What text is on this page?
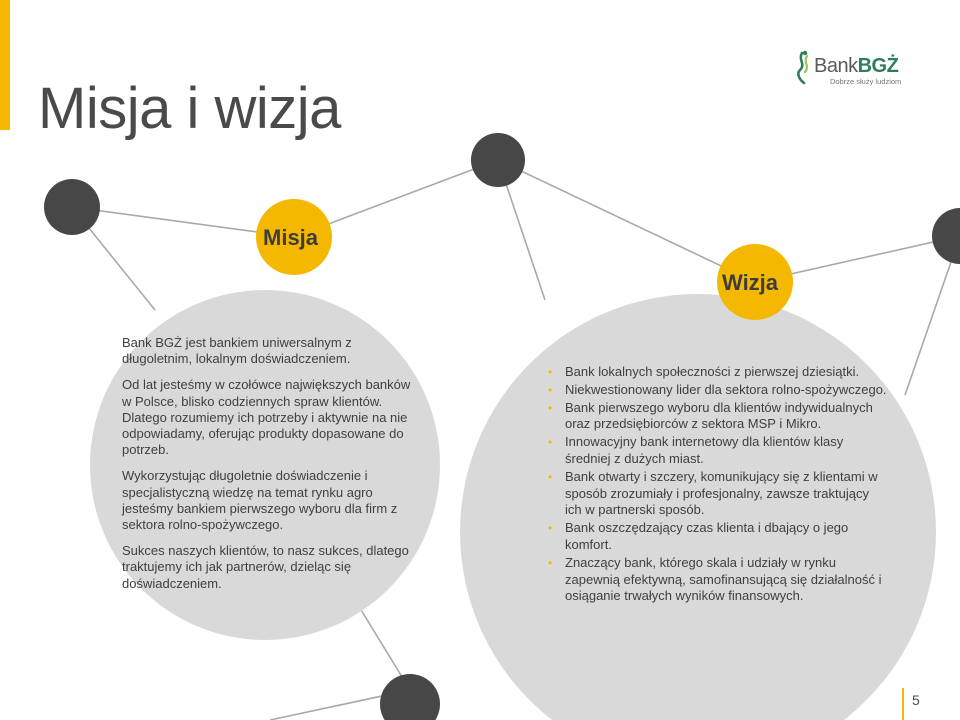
Misja i wizja
BankBGŻ
Dobrze służy ludziom
Misja
Wizja

Bank BGŻ jest bankiem uniwersalnym z długoletnim, lokalnym doświadczeniem.

Od lat jesteśmy w czołówce największych banków w Polsce, blisko codziennych spraw klientów. Dlatego rozumiemy ich potrzeby i aktywnie na nie odpowiadamy, oferując produkty dopasowane do potrzeb.

Wykorzystując długoletnie doświadczenie i specjalistyczną wiedzę na temat rynku agro jesteśmy bankiem pierwszego wyboru dla firm z sektora rolno-spożywczego.

Sukces naszych klientów, to nasz sukces, dlatego traktujemy ich jak partnerów, dzieląc się doświadczeniem.

• Bank lokalnych społeczności z pierwszej dziesiątki.
• Niekwestionowany lider dla sektora rolno-spożywczego.
• Bank pierwszego wyboru dla klientów indywidualnych oraz przedsiębiorców z sektora MSP i Mikro.
• Innowacyjny bank internetowy dla klientów klasy średniej z dużych miast.
• Bank otwarty i szczery, komunikujący się z klientami w sposób zrozumiały i profesjonalny, zawsze traktujący ich w partnerski sposób.
• Bank oszczędzający czas klienta i dbający o jego komfort.
• Znaczący bank, którego skala i udziały w rynku zapewnią efektywną, samofinansującą się działalność i osiąganie trwałych wyników finansowych.
5
